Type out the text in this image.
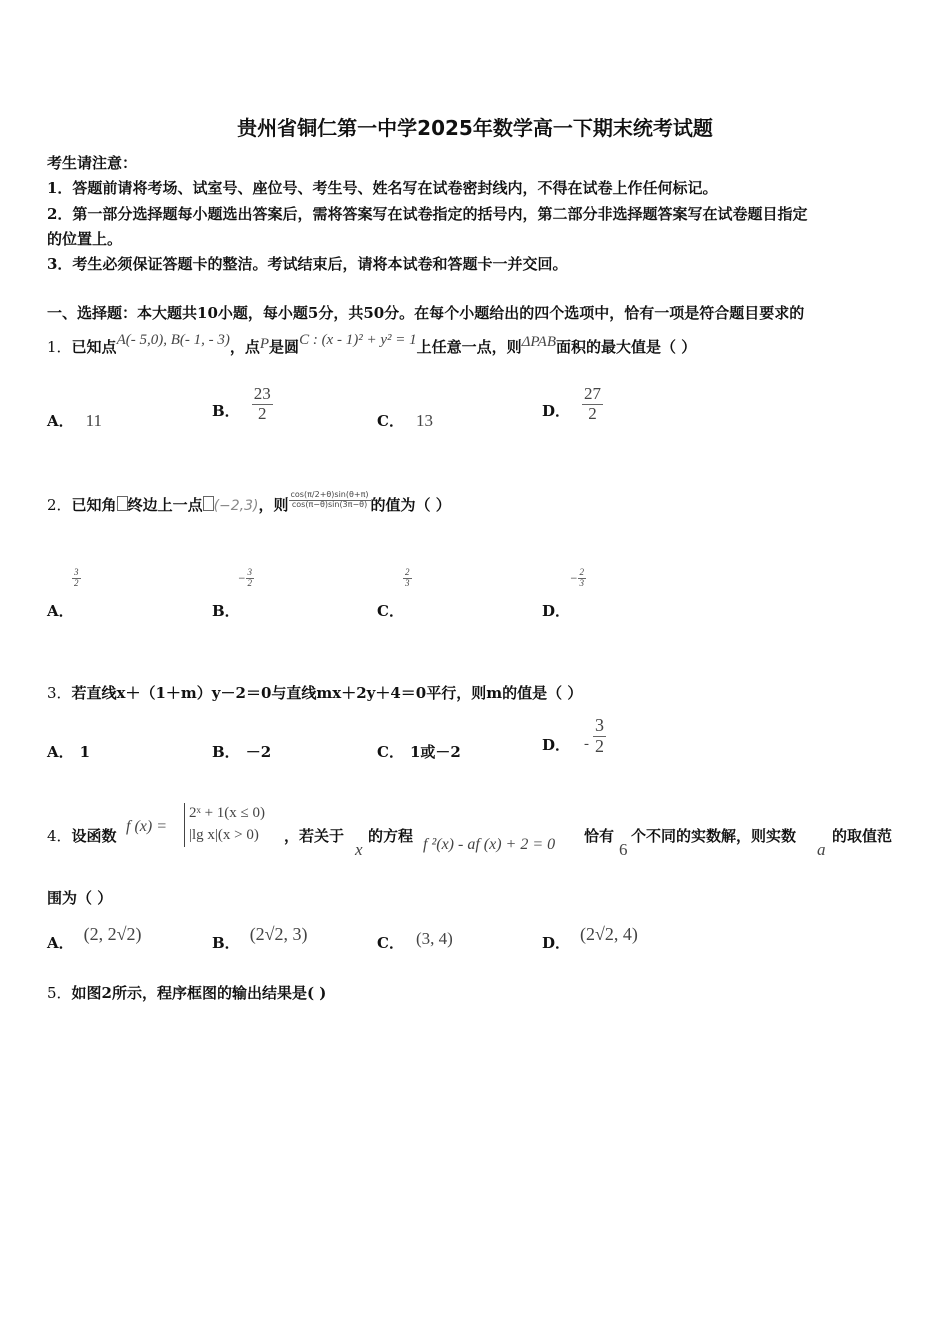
贵州省铜仁第一中学2025年数学高一下期末统考试题
考生请注意：
1．答题前请将考场、试室号、座位号、考生号、姓名写在试卷密封线内，不得在试卷上作任何标记。
2．第一部分选择题每小题选出答案后，需将答案写在试卷指定的括号内，第二部分非选择题答案写在试卷题目指定
的位置上。
3．考生必须保证答题卡的整洁。考试结束后，请将本试卷和答题卡一并交回。
一、选择题：本大题共10小题，每小题5分，共50分。在每个小题给出的四个选项中，恰有一项是符合题目要求的
1．已知点A(- 5,0), B(- 1, - 3)，点P是圆C : (x - 1)² + y² = 1上任意一点，则ΔPAB面积的最大值是（ ）
A． 11	B． $\frac{23}{2}$	C． 13	D． $\frac{27}{2}$
2．已知角 终边上一点 (−2,3)，则 $\frac{\cos(\pi/2+\theta)\sin(\theta+\pi)}{\cos(\pi-\theta)\sin(3\pi-\theta)}$ 的值为（ ）
A．
$\frac{3}{2}$
B．
− $\frac{3}{2}$
C．
$\frac{2}{3}$
D．
− $\frac{2}{3}$
3．若直线x＋（1＋m）y－2＝0与直线mx＋2y＋4＝0平行，则m的值是（ ）
A． 1	B． －2	C． 1或－2	D． - $\frac{3}{2}$
4．设函数
f (x) =
2ˣ + 1(x ≤ 0)
|lg x|(x > 0)	，若关于
x
的方程 f ²(x) - af (x) + 2 = 0 恰有
6
个不同的实数解，则实数
a
的取值范
围为（ ）
A． (2, 2√2)	B． (2√2, 3)	C． (3, 4)	D． (2√2, 4)
5．如图2所示，程序框图的输出结果是( )
